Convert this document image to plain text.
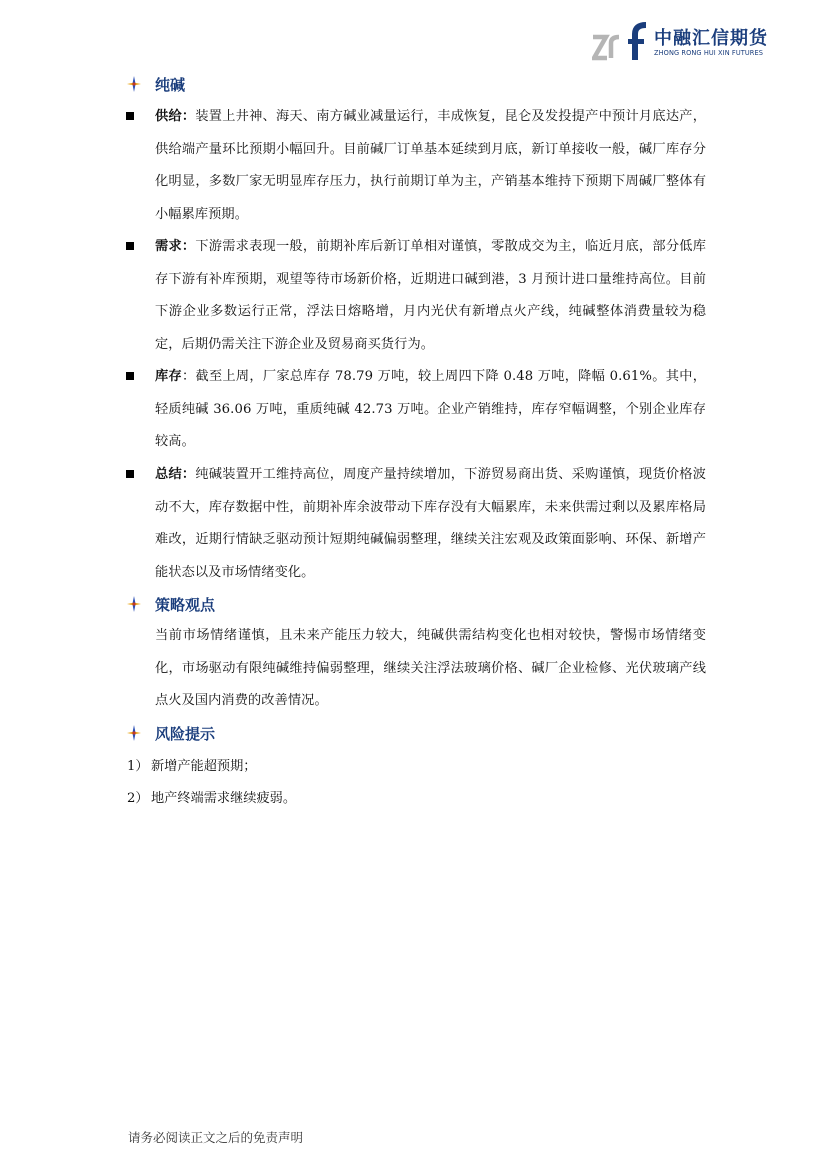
中融汇信期货
ZHONG RONG HUI XIN FUTURES
纯碱
供给：装置上井神、海天、南方碱业减量运行，丰成恢复，昆仑及发投提产中预计月底达产，供给端产量环比预期小幅回升。目前碱厂订单基本延续到月底，新订单接收一般，碱厂库存分化明显，多数厂家无明显库存压力，执行前期订单为主，产销基本维持下预期下周碱厂整体有小幅累库预期。
需求：下游需求表现一般，前期补库后新订单相对谨慎，零散成交为主，临近月底，部分低库存下游有补库预期，观望等待市场新价格，近期进口碱到港，3 月预计进口量维持高位。目前下游企业多数运行正常，浮法日熔略增，月内光伏有新增点火产线，纯碱整体消费量较为稳定，后期仍需关注下游企业及贸易商买货行为。
库存：截至上周，厂家总库存 78.79 万吨，较上周四下降 0.48 万吨，降幅 0.61%。其中，轻质纯碱 36.06 万吨，重质纯碱 42.73 万吨。企业产销维持，库存窄幅调整，个别企业库存较高。
总结：纯碱装置开工维持高位，周度产量持续增加，下游贸易商出货、采购谨慎，现货价格波动不大，库存数据中性，前期补库余波带动下库存没有大幅累库，未来供需过剩以及累库格局难改，近期行情缺乏驱动预计短期纯碱偏弱整理，继续关注宏观及政策面影响、环保、新增产能状态以及市场情绪变化。
策略观点
当前市场情绪谨慎，且未来产能压力较大，纯碱供需结构变化也相对较快，警惕市场情绪变化，市场驱动有限纯碱维持偏弱整理，继续关注浮法玻璃价格、碱厂企业检修、光伏玻璃产线点火及国内消费的改善情况。
风险提示
1） 新增产能超预期；
2） 地产终端需求继续疲弱。
请务必阅读正文之后的免责声明
